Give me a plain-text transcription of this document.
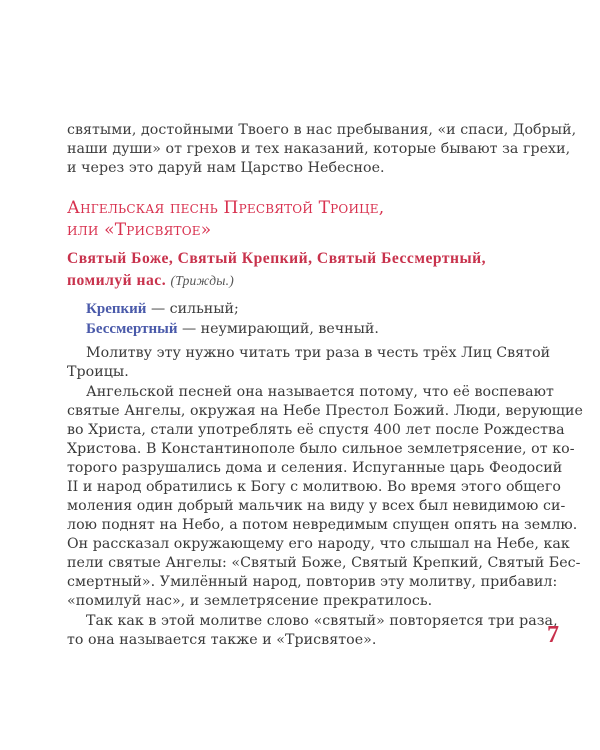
святыми, достойными Твоего в нас пребывания, «и спаси, Добрый,
наши души» от грехов и тех наказаний, которые бывают за грехи,
и через это даруй нам Царство Небесное.
Ангельская песнь Пресвятой Троице,
или «Трисвятое»
Святый Боже, Святый Крепкий, Святый Бессмертный,
помилуй нас. (Трижды.)
Крепкий — сильный;
Бессмертный — неумирающий, вечный.
Молитву эту нужно читать три раза в честь трёх Лиц Святой
Троицы.
Ангельской песней она называется потому, что её воспевают
святые Ангелы, окружая на Небе Престол Божий. Люди, верующие
во Христа, стали употреблять её спустя 400 лет после Рождества
Христова. В Константинополе было сильное землетрясение, от ко-
торого разрушались дома и селения. Испуганные царь Феодосий
II и народ обратились к Богу с молитвою. Во время этого общего
моления один добрый мальчик на виду у всех был невидимою си-
лою поднят на Небо, а потом невредимым спущен опять на землю.
Он рассказал окружающему его народу, что слышал на Небе, как
пели святые Ангелы: «Святый Боже, Святый Крепкий, Святый Бес-
смертный». Умилённый народ, повторив эту молитву, прибавил:
«помилуй нас», и землетрясение прекратилось.
Так как в этой молитве слово «святый» повторяется три раза,
то она называется также и «Трисвятое».	7
